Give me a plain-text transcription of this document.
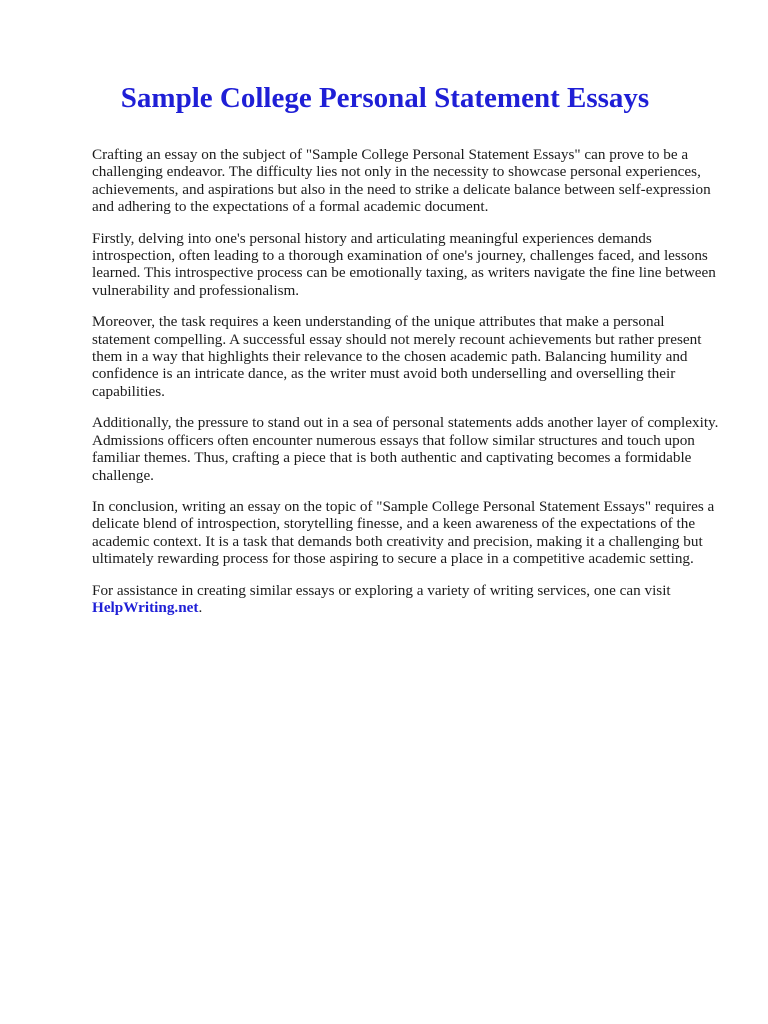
Sample College Personal Statement Essays

Crafting an essay on the subject of "Sample College Personal Statement Essays" can prove to be a challenging endeavor. The difficulty lies not only in the necessity to showcase personal experiences, achievements, and aspirations but also in the need to strike a delicate balance between self-expression and adhering to the expectations of a formal academic document.

Firstly, delving into one's personal history and articulating meaningful experiences demands introspection, often leading to a thorough examination of one's journey, challenges faced, and lessons learned. This introspective process can be emotionally taxing, as writers navigate the fine line between vulnerability and professionalism.

Moreover, the task requires a keen understanding of the unique attributes that make a personal statement compelling. A successful essay should not merely recount achievements but rather present them in a way that highlights their relevance to the chosen academic path. Balancing humility and confidence is an intricate dance, as the writer must avoid both underselling and overselling their capabilities.

Additionally, the pressure to stand out in a sea of personal statements adds another layer of complexity. Admissions officers often encounter numerous essays that follow similar structures and touch upon familiar themes. Thus, crafting a piece that is both authentic and captivating becomes a formidable challenge.

In conclusion, writing an essay on the topic of "Sample College Personal Statement Essays" requires a delicate blend of introspection, storytelling finesse, and a keen awareness of the expectations of the academic context. It is a task that demands both creativity and precision, making it a challenging but ultimately rewarding process for those aspiring to secure a place in a competitive academic setting.

For assistance in creating similar essays or exploring a variety of writing services, one can visit HelpWriting.net.
